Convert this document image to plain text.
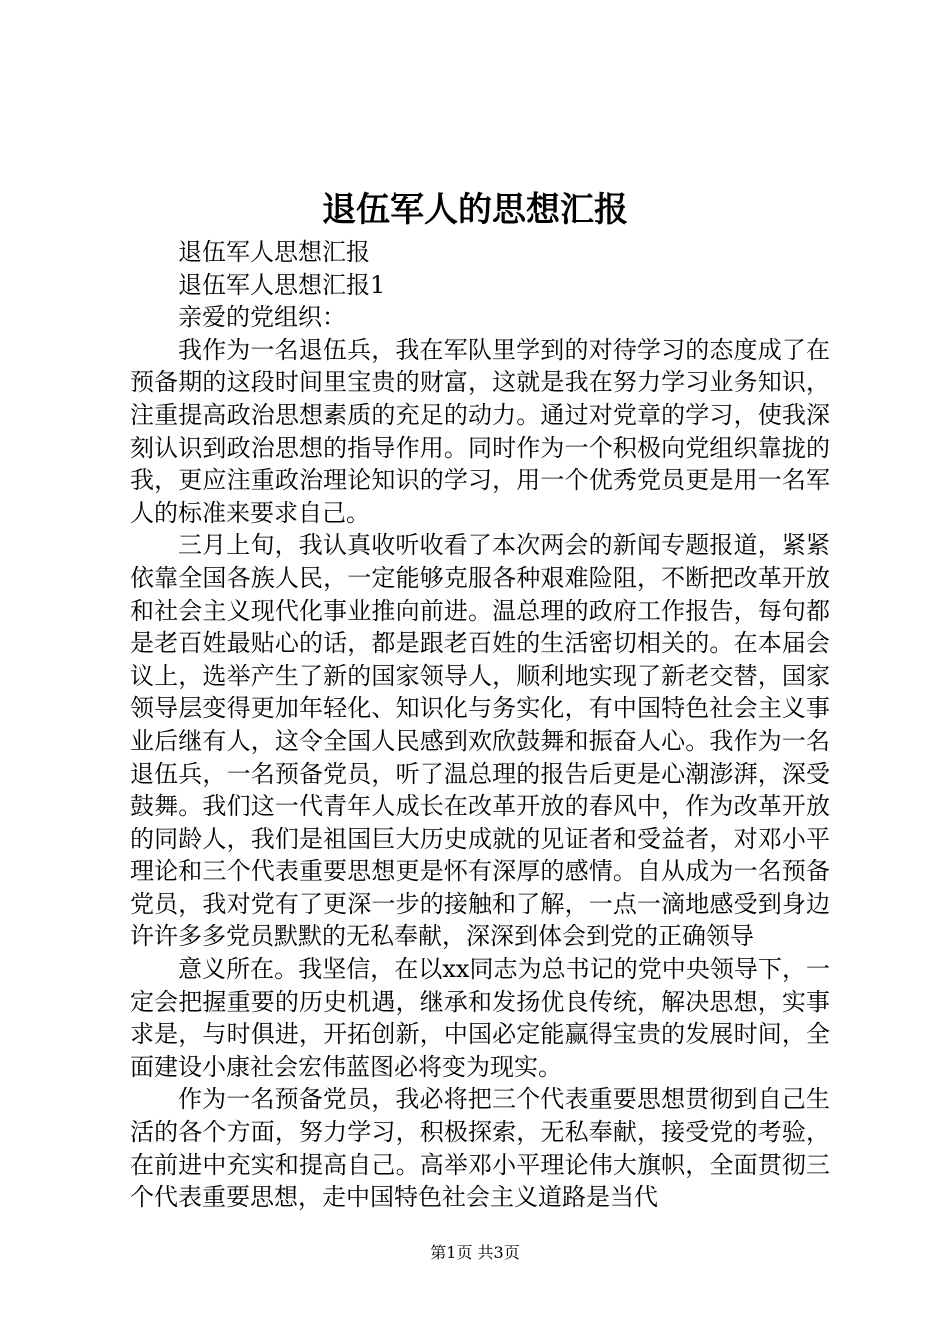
退伍军人的思想汇报

退伍军人思想汇报

退伍军人思想汇报1

亲爱的党组织：

我作为一名退伍兵，我在军队里学到的对待学习的态度成了在预备期的这段时间里宝贵的财富，这就是我在努力学习业务知识，注重提高政治思想素质的充足的动力。通过对党章的学习，使我深刻认识到政治思想的指导作用。同时作为一个积极向党组织靠拢的我，更应注重政治理论知识的学习，用一个优秀党员更是用一名军人的标准来要求自己。

三月上旬，我认真收听收看了本次两会的新闻专题报道，紧紧依靠全国各族人民，一定能够克服各种艰难险阻，不断把改革开放和社会主义现代化事业推向前进。温总理的政府工作报告，每句都是老百姓最贴心的话，都是跟老百姓的生活密切相关的。在本届会议上，选举产生了新的国家领导人，顺利地实现了新老交替，国家领导层变得更加年轻化、知识化与务实化，有中国特色社会主义事业后继有人，这令全国人民感到欢欣鼓舞和振奋人心。我作为一名退伍兵，一名预备党员，听了温总理的报告后更是心潮澎湃，深受鼓舞。我们这一代青年人成长在改革开放的春风中，作为改革开放的同龄人，我们是祖国巨大历史成就的见证者和受益者，对邓小平理论和三个代表重要思想更是怀有深厚的感情。自从成为一名预备党员，我对党有了更深一步的接触和了解，一点一滴地感受到身边许许多多党员默默的无私奉献，深深到体会到党的正确领导

意义所在。我坚信，在以xx同志为总书记的党中央领导下，一定会把握重要的历史机遇，继承和发扬优良传统，解决思想，实事求是，与时俱进，开拓创新，中国必定能赢得宝贵的发展时间，全面建设小康社会宏伟蓝图必将变为现实。

作为一名预备党员，我必将把三个代表重要思想贯彻到自己生活的各个方面，努力学习，积极探索，无私奉献，接受党的考验，在前进中充实和提高自己。高举邓小平理论伟大旗帜，全面贯彻三个代表重要思想，走中国特色社会主义道路是当代

第1页 共3页
